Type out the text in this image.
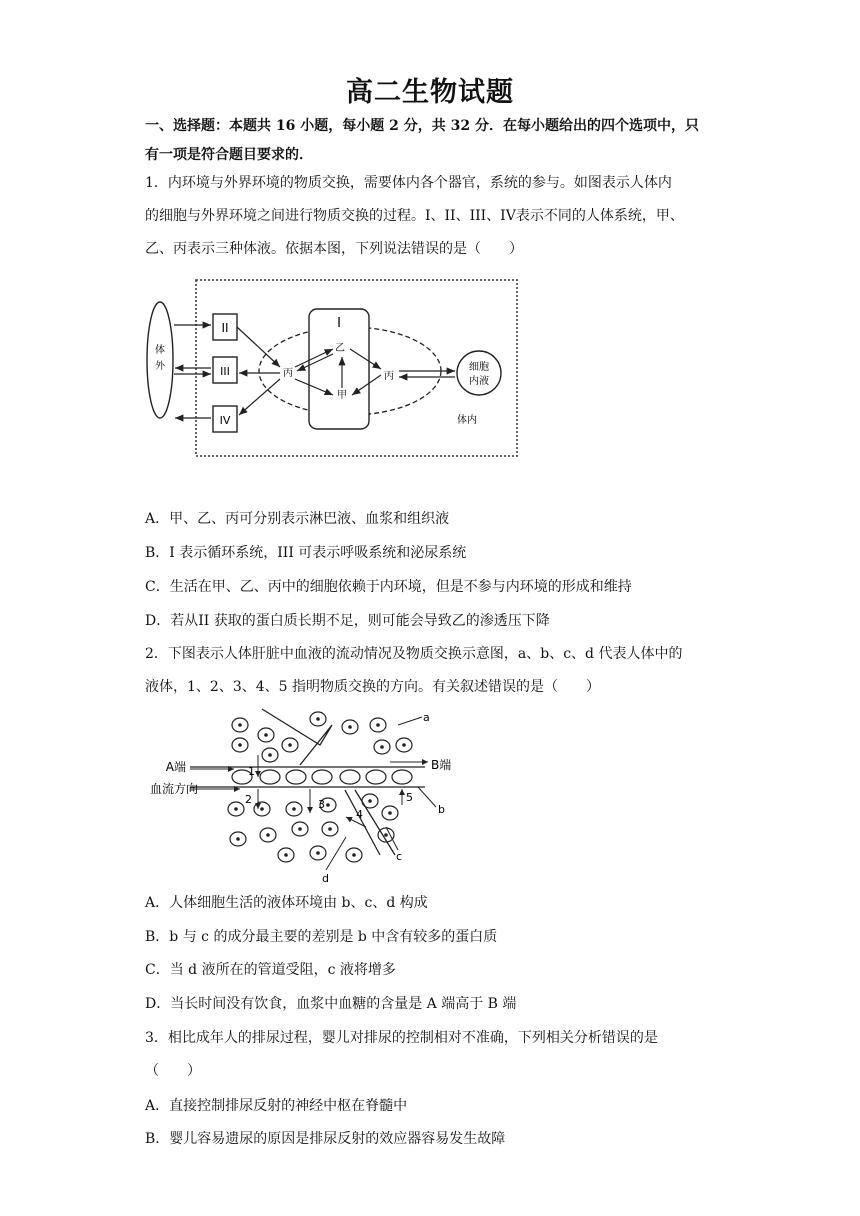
高二生物试题
一、选择题：本题共 16 小题，每小题 2 分，共 32 分．在每小题给出的四个选项中，只
有一项是符合题目要求的．
1．内环境与外界环境的物质交换，需要体内各个器官，系统的参与。如图表示人体内
的细胞与外界环境之间进行物质交换的过程。I、II、III、IV表示不同的人体系统，甲、
乙、丙表示三种体液。依据本图，下列说法错误的是（　　）
体
外
II
III
IV
I
丙
乙
甲
丙
细胞
内液
体内
A．甲、乙、丙可分别表示淋巴液、血浆和组织液
B．I 表示循环系统，III 可表示呼吸系统和泌尿系统
C．生活在甲、乙、丙中的细胞依赖于内环境，但是不参与内环境的形成和维持
D．若从II 获取的蛋白质长期不足，则可能会导致乙的渗透压下降
2．下图表示人体肝脏中血液的流动情况及物质交换示意图，a、b、c、d 代表人体中的
液体，1、2、3、4、5 指明物质交换的方向。有关叙述错误的是（　　）
A端	B端
血流方向
a
b
c
d
1
2	3
4
5
A．人体细胞生活的液体环境由 b、c、d 构成
B．b 与 c 的成分最主要的差别是 b 中含有较多的蛋白质
C．当 d 液所在的管道受阻，c 液将增多
D．当长时间没有饮食，血浆中血糖的含量是 A 端高于 B 端
3．相比成年人的排尿过程，婴儿对排尿的控制相对不准确，下列相关分析错误的是
（　　）
A．直接控制排尿反射的神经中枢在脊髓中
B．婴儿容易遗尿的原因是排尿反射的效应器容易发生故障
